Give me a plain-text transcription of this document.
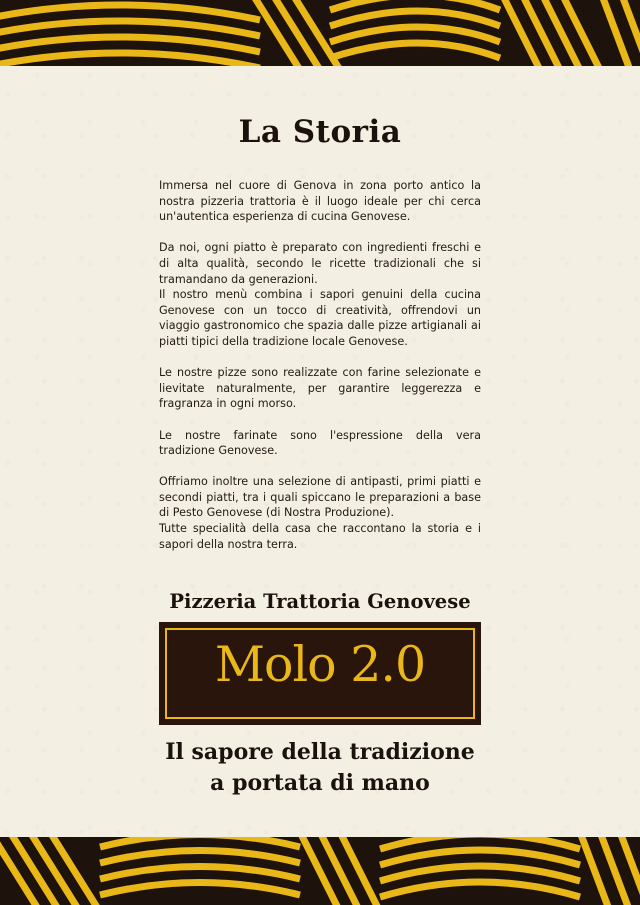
La Storia

Immersa nel cuore di Genova in zona porto antico la nostra pizzeria trattoria è il luogo ideale per chi cerca un'autentica esperienza di cucina Genovese.

Da noi, ogni piatto è preparato con ingredienti freschi e di alta qualità, secondo le ricette tradizionali che si tramandano da generazioni.

Il nostro menù combina i sapori genuini della cucina Genovese con un tocco di creatività, offrendovi un viaggio gastronomico che spazia dalle pizze artigianali ai piatti tipici della tradizione locale Genovese.

Le nostre pizze sono realizzate con farine selezionate e lievitate naturalmente, per garantire leggerezza e fragranza in ogni morso.

Le nostre farinate sono l'espressione della vera tradizione Genovese.

Offriamo inoltre una selezione di antipasti, primi piatti e secondi piatti, tra i quali spiccano le preparazioni a base di Pesto Genovese (di Nostra Produzione).

Tutte specialità della casa che raccontano la storia e i sapori della nostra terra.

Pizzeria Trattoria Genovese
Molo 2.0
Il sapore della tradizione
a portata di mano
